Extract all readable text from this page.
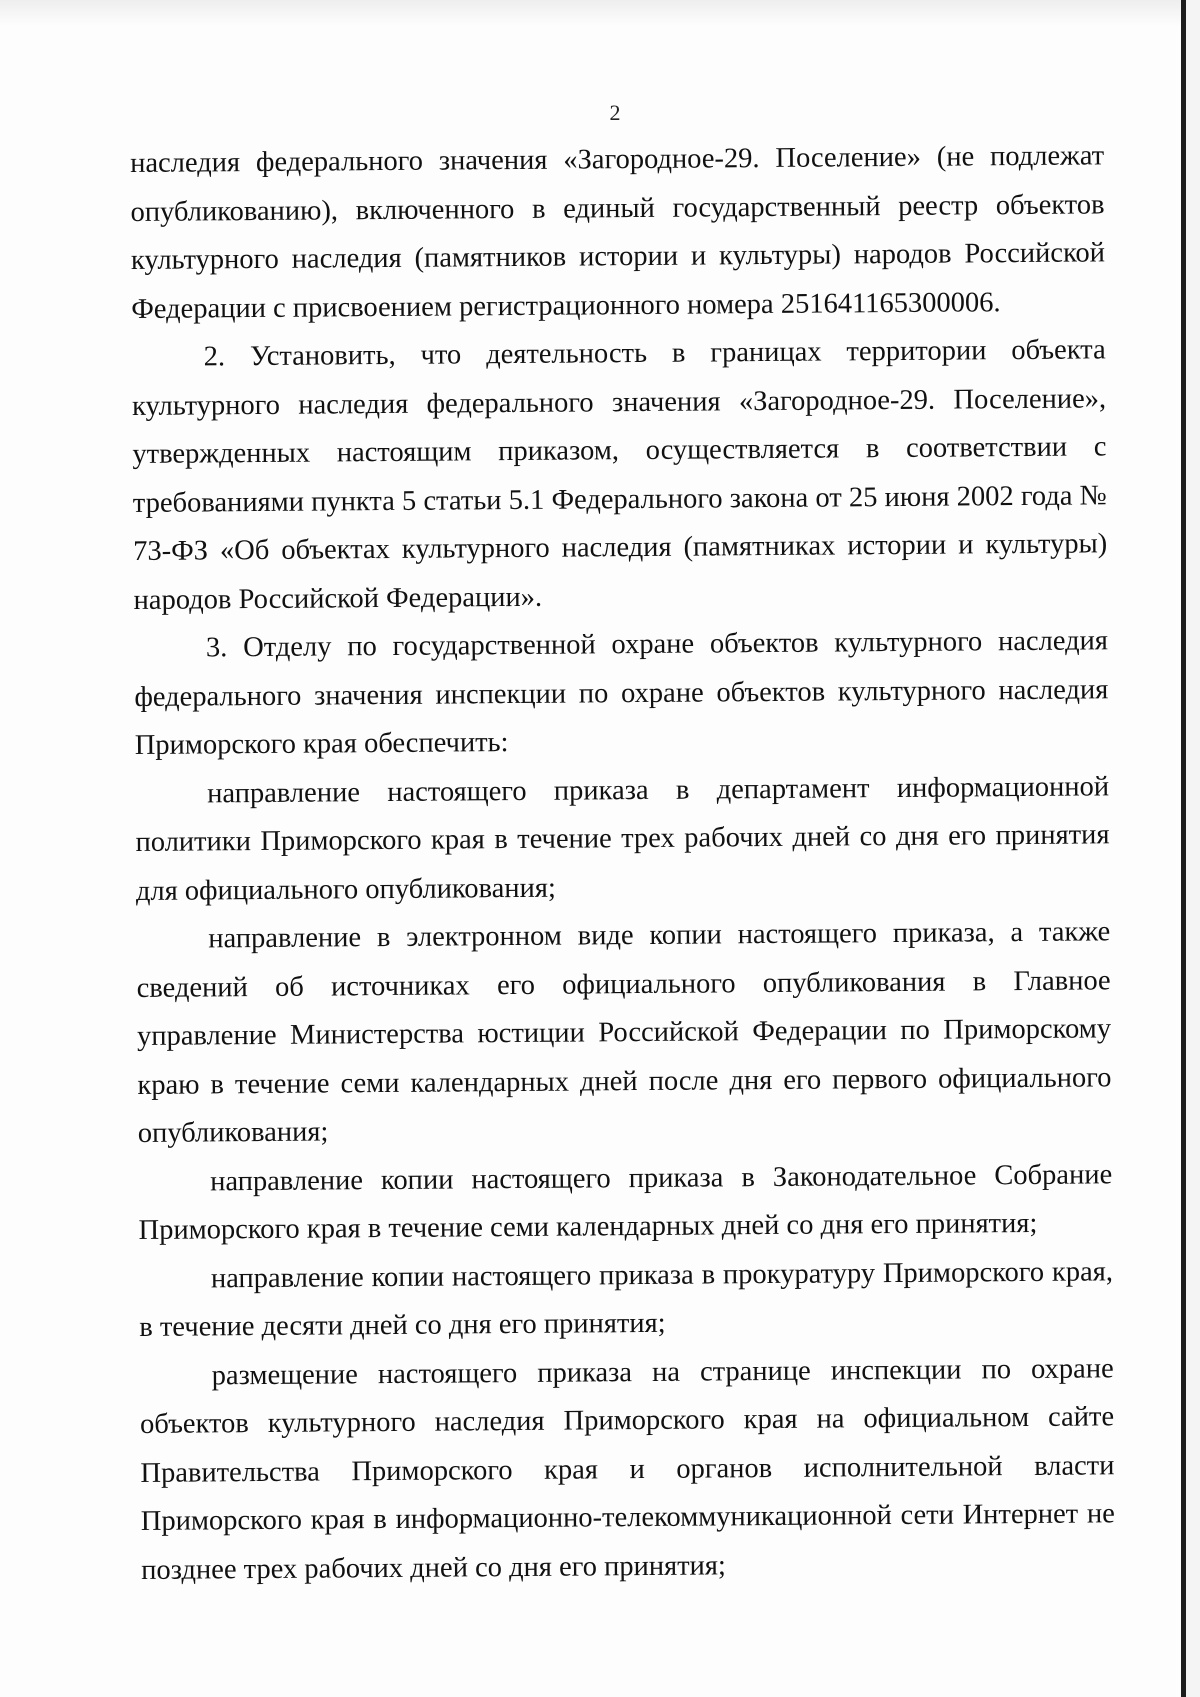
2

наследия федерального значения «Загородное-29. Поселение» (не подлежат опубликованию), включенного в единый государственный реестр объектов культурного наследия (памятников истории и культуры) народов Российской Федерации с присвоением регистрационного номера 251641165300006.

2. Установить, что деятельность в границах территории объекта культурного наследия федерального значения «Загородное-29. Поселение», утвержденных настоящим приказом, осуществляется в соответствии с требованиями пункта 5 статьи 5.1 Федерального закона от 25 июня 2002 года № 73-ФЗ «Об объектах культурного наследия (памятниках истории и культуры) народов Российской Федерации».

3. Отделу по государственной охране объектов культурного наследия федерального значения инспекции по охране объектов культурного наследия Приморского края обеспечить:

направление настоящего приказа в департамент информационной политики Приморского края в течение трех рабочих дней со дня его принятия для официального опубликования;

направление в электронном виде копии настоящего приказа, а также сведений об источниках его официального опубликования в Главное управление Министерства юстиции Российской Федерации по Приморскому краю в течение семи календарных дней после дня его первого официального опубликования;

направление копии настоящего приказа в Законодательное Собрание Приморского края в течение семи календарных дней со дня его принятия;

направление копии настоящего приказа в прокуратуру Приморского края, в течение десяти дней со дня его принятия;

размещение настоящего приказа на странице инспекции по охране объектов культурного наследия Приморского края на официальном сайте Правительства Приморского края и органов исполнительной власти Приморского края в информационно-телекоммуникационной сети Интернет не позднее трех рабочих дней со дня его принятия;
